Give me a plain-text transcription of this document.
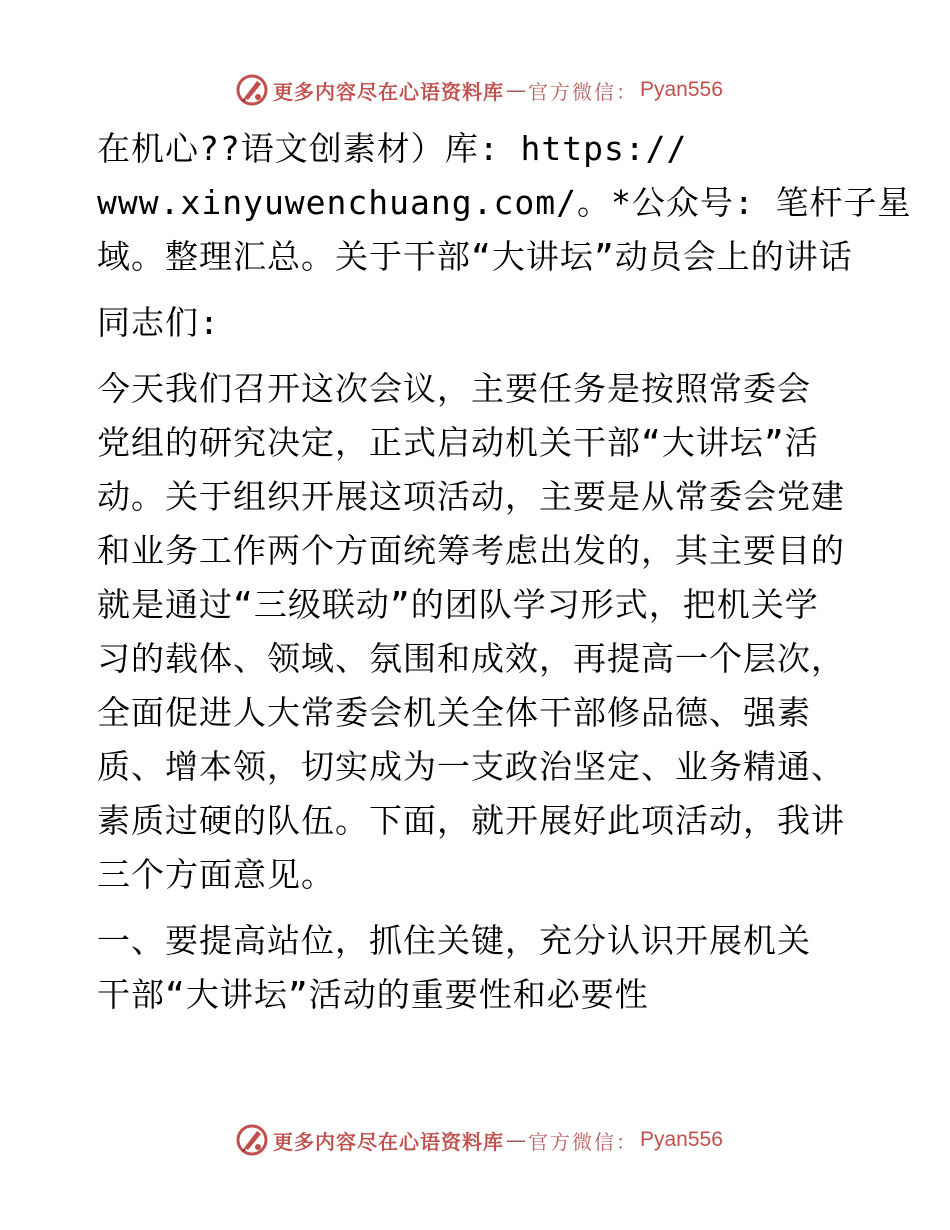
更多内容尽在心语资料库 — 官方微信： Pyan556
在机心??语文创素材）库: https://
www.xinyuwenchuang.com/。*公众号: 笔杆子星
域。整理汇总。关于干部“大讲坛”动员会上的讲话
同志们:
今天我们召开这次会议，主要任务是按照常委会
党组的研究决定，正式启动机关干部“大讲坛”活
动。关于组织开展这项活动，主要是从常委会党建
和业务工作两个方面统筹考虑出发的，其主要目的
就是通过“三级联动”的团队学习形式，把机关学
习的载体、领域、氛围和成效，再提高一个层次，
全面促进人大常委会机关全体干部修品德、强素
质、增本领，切实成为一支政治坚定、业务精通、
素质过硬的队伍。下面，就开展好此项活动，我讲
三个方面意见。
一、要提高站位，抓住关键，充分认识开展机关
干部“大讲坛”活动的重要性和必要性
更多内容尽在心语资料库 — 官方微信： Pyan556
